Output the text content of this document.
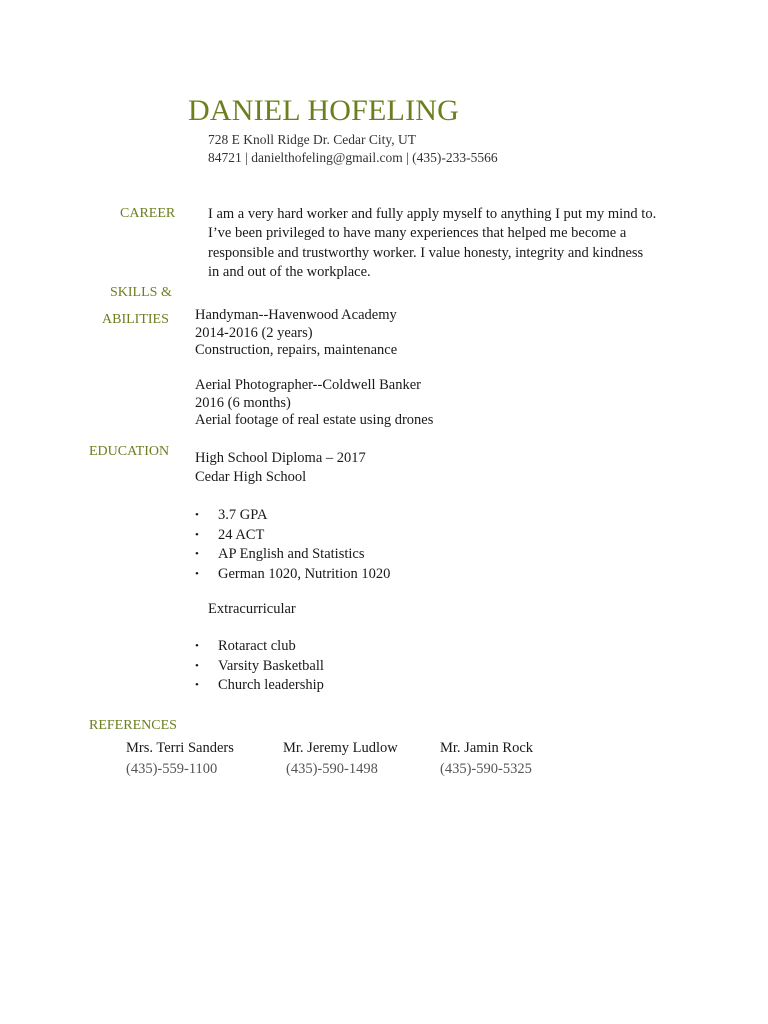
DANIEL HOFELING
728 E Knoll Ridge Dr. Cedar City, UT
84721 | danielthofeling@gmail.com | (435)-233-5566
CAREER I am a very hard worker and fully apply myself to anything I put my mind to. I’ve been privileged to have many experiences that helped me become a responsible and trustworthy worker. I value honesty, integrity and kindness in and out of the workplace.
SKILLS &
ABILITIES Handyman--Havenwood Academy
2014-2016 (2 years)
Construction, repairs, maintenance
Aerial Photographer--Coldwell Banker
2016 (6 months)
Aerial footage of real estate using drones
EDUCATION High School Diploma – 2017
Cedar High School
• 3.7 GPA
• 24 ACT
• AP English and Statistics
• German 1020, Nutrition 1020
Extracurricular
• Rotaract club
• Varsity Basketball
• Church leadership
REFERENCES
Mrs. Terri Sanders
(435)-559-1100
Mr. Jeremy Ludlow
(435)-590-1498
Mr. Jamin Rock
(435)-590-5325
